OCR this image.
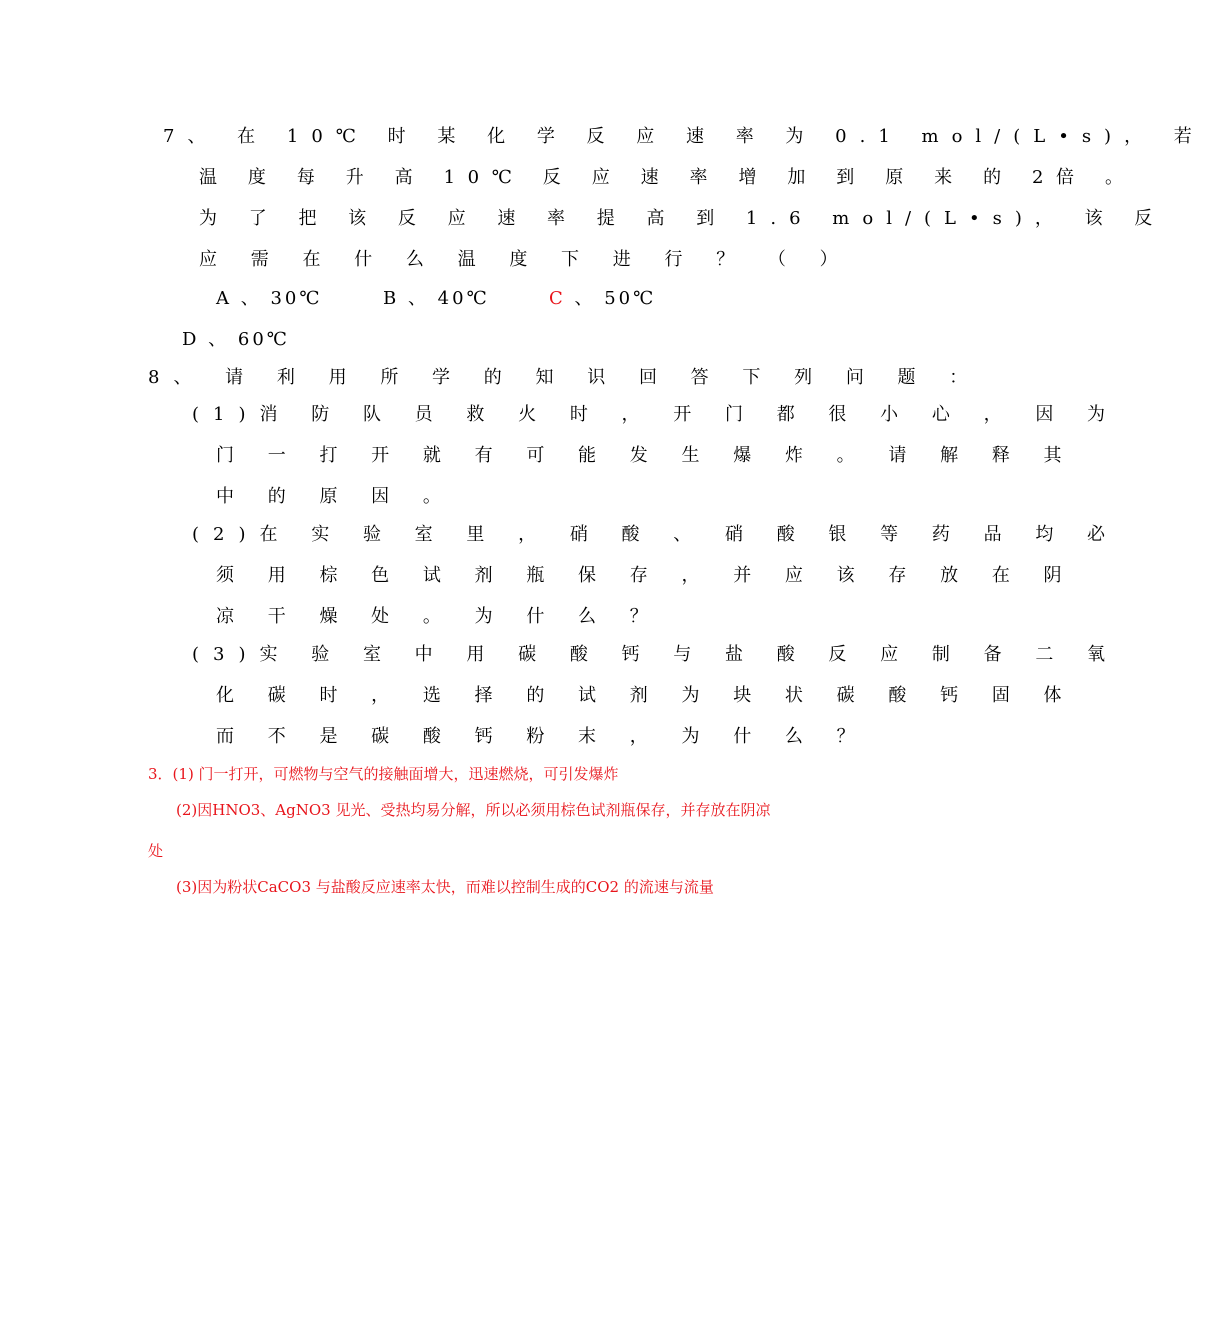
7、 在 10℃ 时 某 化 学 反 应 速 率 为 0.1 mol/(L•s)， 若
温 度 每 升 高 10℃ 反 应 速 率 增 加 到 原 来 的 2倍 。
为 了 把 该 反 应 速 率 提 高 到 1.6 mol/(L•s)， 该 反
应 需 在 什 么 温 度 下 进 行 ？ （ ）
A 、 30℃	B 、 40℃	C 、 50℃
D 、 60℃
8、 请 利 用 所 学 的 知 识 回 答 下 列 问 题 ：
(1)消 防 队 员 救 火 时 ， 开 门 都 很 小 心 ， 因 为
门 一 打 开 就 有 可 能 发 生 爆 炸 。 请 解 释 其
中 的 原 因 。
(2)在 实 验 室 里 ， 硝 酸 、 硝 酸 银 等 药 品 均 必
须 用 棕 色 试 剂 瓶 保 存 ， 并 应 该 存 放 在 阴
凉 干 燥 处 。 为 什 么 ？
(3)实 验 室 中 用 碳 酸 钙 与 盐 酸 反 应 制 备 二 氧
化 碳 时 ， 选 择 的 试 剂 为 块 状 碳 酸 钙 固 体
而 不 是 碳 酸 钙 粉 末 ， 为 什 么 ？
3．(1) 门一打开，可燃物与空气的接触面增大，迅速燃烧，可引发爆炸
(2)因HNO3、AgNO3 见光、受热均易分解，所以必须用棕色试剂瓶保存，并存放在阴凉
处
(3)因为粉状CaCO3 与盐酸反应速率太快，而难以控制生成的CO2 的流速与流量
